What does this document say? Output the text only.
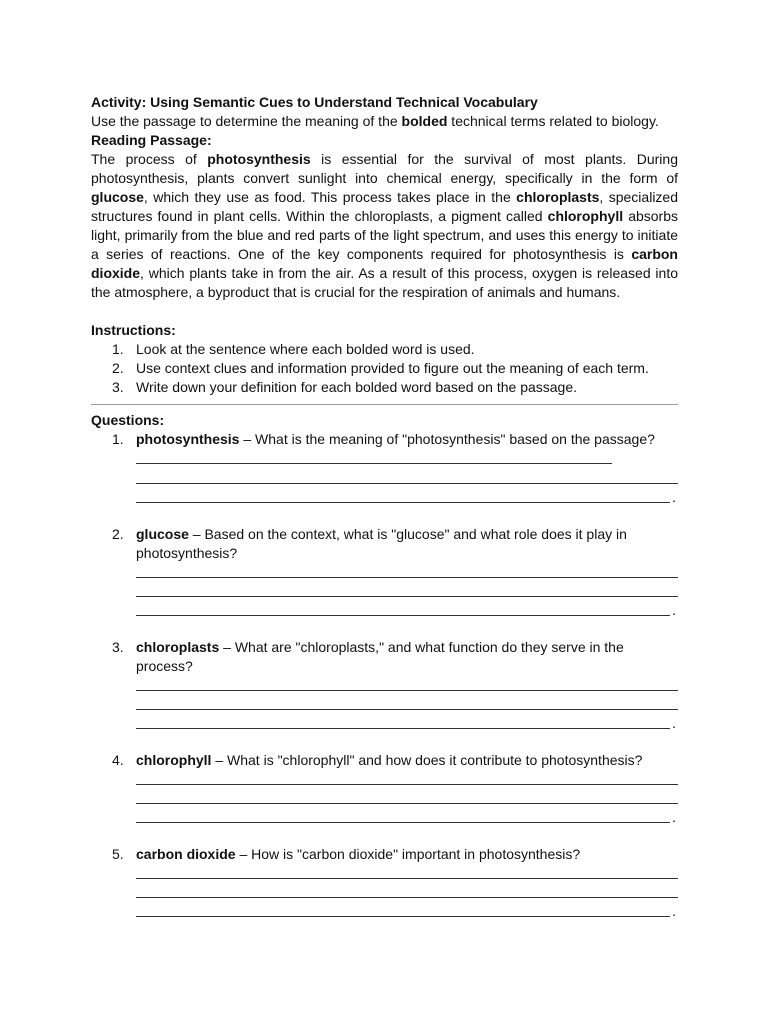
Activity: Using Semantic Cues to Understand Technical Vocabulary

Use the passage to determine the meaning of the bolded technical terms related to biology.

Reading Passage:

The process of photosynthesis is essential for the survival of most plants. During photosynthesis, plants convert sunlight into chemical energy, specifically in the form of glucose, which they use as food. This process takes place in the chloroplasts, specialized structures found in plant cells. Within the chloroplasts, a pigment called chlorophyll absorbs light, primarily from the blue and red parts of the light spectrum, and uses this energy to initiate a series of reactions. One of the key components required for photosynthesis is carbon dioxide, which plants take in from the air. As a result of this process, oxygen is released into the atmosphere, a byproduct that is crucial for the respiration of animals and humans.

Instructions:
1. Look at the sentence where each bolded word is used.
2. Use context clues and information provided to figure out the meaning of each term.
3. Write down your definition for each bolded word based on the passage.
Questions:
1. photosynthesis – What is the meaning of "photosynthesis" based on the passage?
.
2. glucose – Based on the context, what is "glucose" and what role does it play in photosynthesis?
.
3. chloroplasts – What are "chloroplasts," and what function do they serve in the process?
.
4. chlorophyll – What is "chlorophyll" and how does it contribute to photosynthesis?
.
5. carbon dioxide – How is "carbon dioxide" important in photosynthesis?
.
